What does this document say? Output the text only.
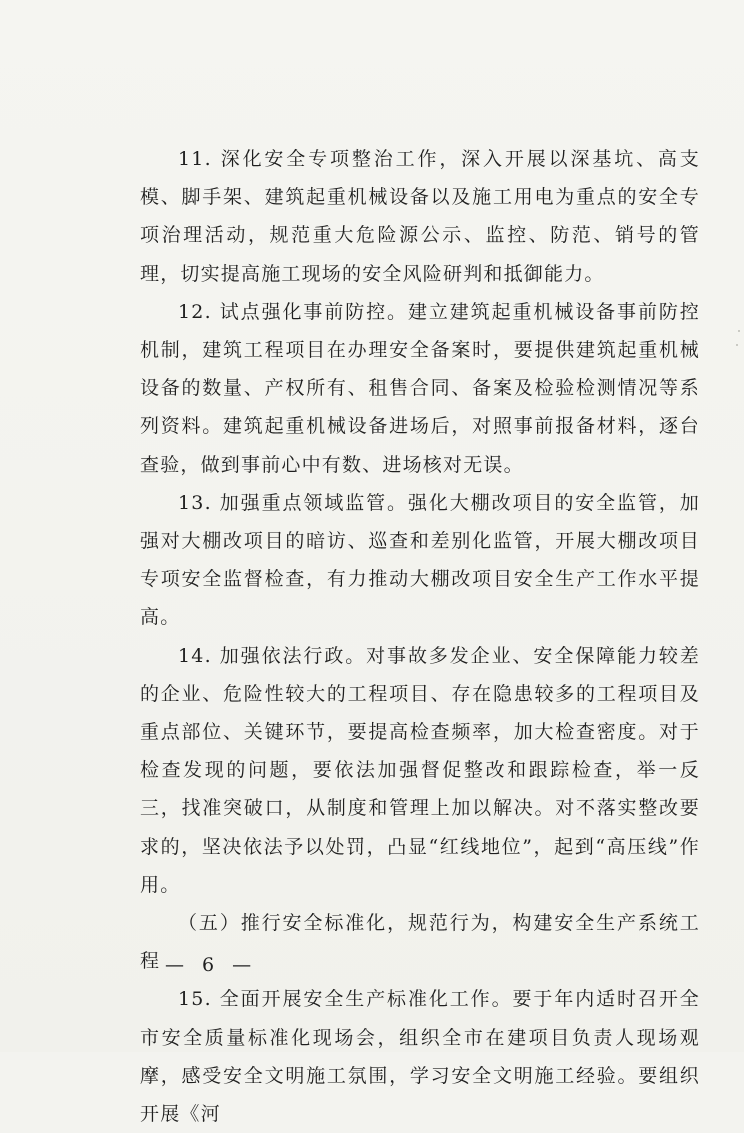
11. 深化安全专项整治工作，深入开展以深基坑、高支模、脚手架、建筑起重机械设备以及施工用电为重点的安全专项治理活动，规范重大危险源公示、监控、防范、销号的管理，切实提高施工现场的安全风险研判和抵御能力。

12. 试点强化事前防控。建立建筑起重机械设备事前防控机制，建筑工程项目在办理安全备案时，要提供建筑起重机械设备的数量、产权所有、租售合同、备案及检验检测情况等系列资料。建筑起重机械设备进场后，对照事前报备材料，逐台查验，做到事前心中有数、进场核对无误。

13. 加强重点领域监管。强化大棚改项目的安全监管，加强对大棚改项目的暗访、巡查和差别化监管，开展大棚改项目专项安全监督检查，有力推动大棚改项目安全生产工作水平提高。

14. 加强依法行政。对事故多发企业、安全保障能力较差的企业、危险性较大的工程项目、存在隐患较多的工程项目及重点部位、关键环节，要提高检查频率，加大检查密度。对于检查发现的问题，要依法加强督促整改和跟踪检查，举一反三，找准突破口，从制度和管理上加以解决。对不落实整改要求的，坚决依法予以处罚，凸显“红线地位”，起到“高压线”作用。

（五）推行安全标准化，规范行为，构建安全生产系统工程

15. 全面开展安全生产标准化工作。要于年内适时召开全市安全质量标准化现场会，组织全市在建项目负责人现场观摩，感受安全文明施工氛围，学习安全文明施工经验。要组织开展《河

— 6 —
